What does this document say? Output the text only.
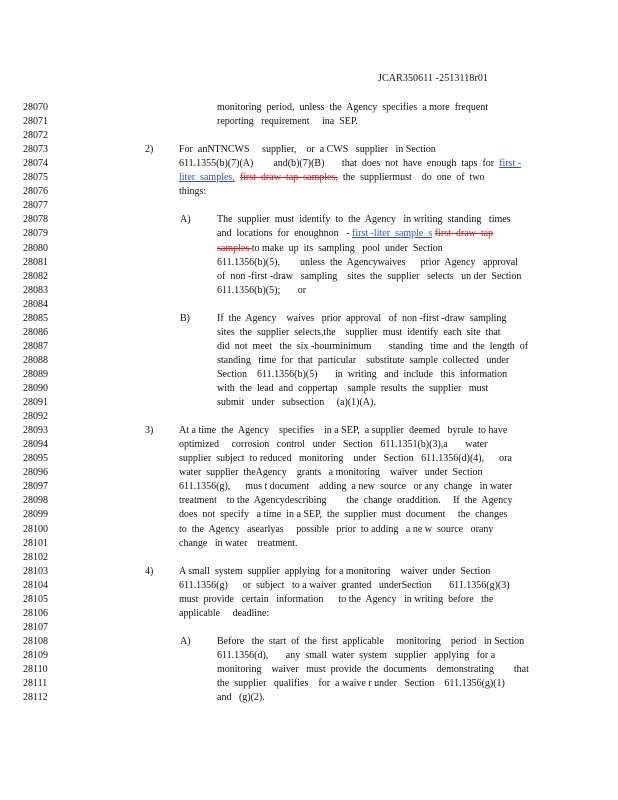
JCAR350611 -2513118r01
28070	monitoring  period,  unless  the  Agency  specifies  a more  frequent
28071	reporting   requirement     ina  SEP.
28072
28073	2)	For  anNTNCWS     supplier,    or  a CWS   supplier   in Section
28074	611.1355(b)(7)(A)        and(b)(7)(B)       that  does  not  have  enough  taps  for  first -
28075	liter  samples, first  draw  tap  samples,  the  suppliermust    do  one  of  two
28076	things:
28077
28078	A)	The  supplier  must  identify  to  the  Agency   in writing  standing   times
28079	and  locations  for  enoughnon   - first -liter  sample  s first  draw  tap
28080	samples to make  up  its  sampling   pool  under  Section
28081	611.1356(b)(5),        unless  the  Agencywaives      prior  Agency   approval
28082	of  non -first -draw   sampling    sites  the  supplier   selects   un der  Section
28083	611.1356(b)(5);       or
28084
28085	B)	If  the  Agency    waives   prior  approval   of  non -first -draw  sampling
28086	sites  the  supplier  selects,the    supplier  must  identify  each  site  that
28087	did  not  meet   the  six -hourminimum       standing   time  and  the  length  of
28088	standing   time  for  that  particular    substitute  sample  collected   under
28089	Section    611.1356(b)(5)       in  writing   and  include   this  information
28090	with  the  lead  and  coppertap    sample  results  the  supplier   must
28091	submit   under   subsection     (a)(1)(A).
28092
28093	3)	At a time  the  Agency    specifies    in a SEP,  a supplier  deemed   byrule  to have
28094	optimized     corrosion   control   under   Section   611.1351(b)(3),a       water
28095	supplier  subject  to reduced   monitoring    under   Section   611.1356(d)(4),      ora
28096	water  supplier  theAgency    grants   a monitoring    waiver   under  Section
28097	611.1356(g),      mus t document    adding  a new  source   or any  change   in water
28098	treatment    to the  Agencydescribing        the  change  oraddition.     If  the  Agency
28099	does  not  specify   a time  in a SEP,  the  supplier  must  document     the  changes
28100	to  the  Agency   asearlyas     possible   prior  to adding   a ne w  source   orany
28101	change   in water    treatment.
28102
28103	4)	A small  system  supplier  applying  for a monitoring    waiver  under  Section
28104	611.1356(g)      or  subject   to a waiver  granted   underSection       611.1356(g)(3)
28105	must  provide   certain   information      to the  Agency   in writing  before   the
28106	applicable     deadline:
28107
28108	A)	Before   the  start  of  the  first  applicable     monitoring    period   in Section
28109	611.1356(d),       any  small  water  system   supplier   applying   for a
28110	monitoring    waiver   must  provide  the  documents    demonstrating        that
28111	the  supplier   qualifies    for  a waive r under   Section    611.1356(g)(1)
28112	and   (g)(2).
